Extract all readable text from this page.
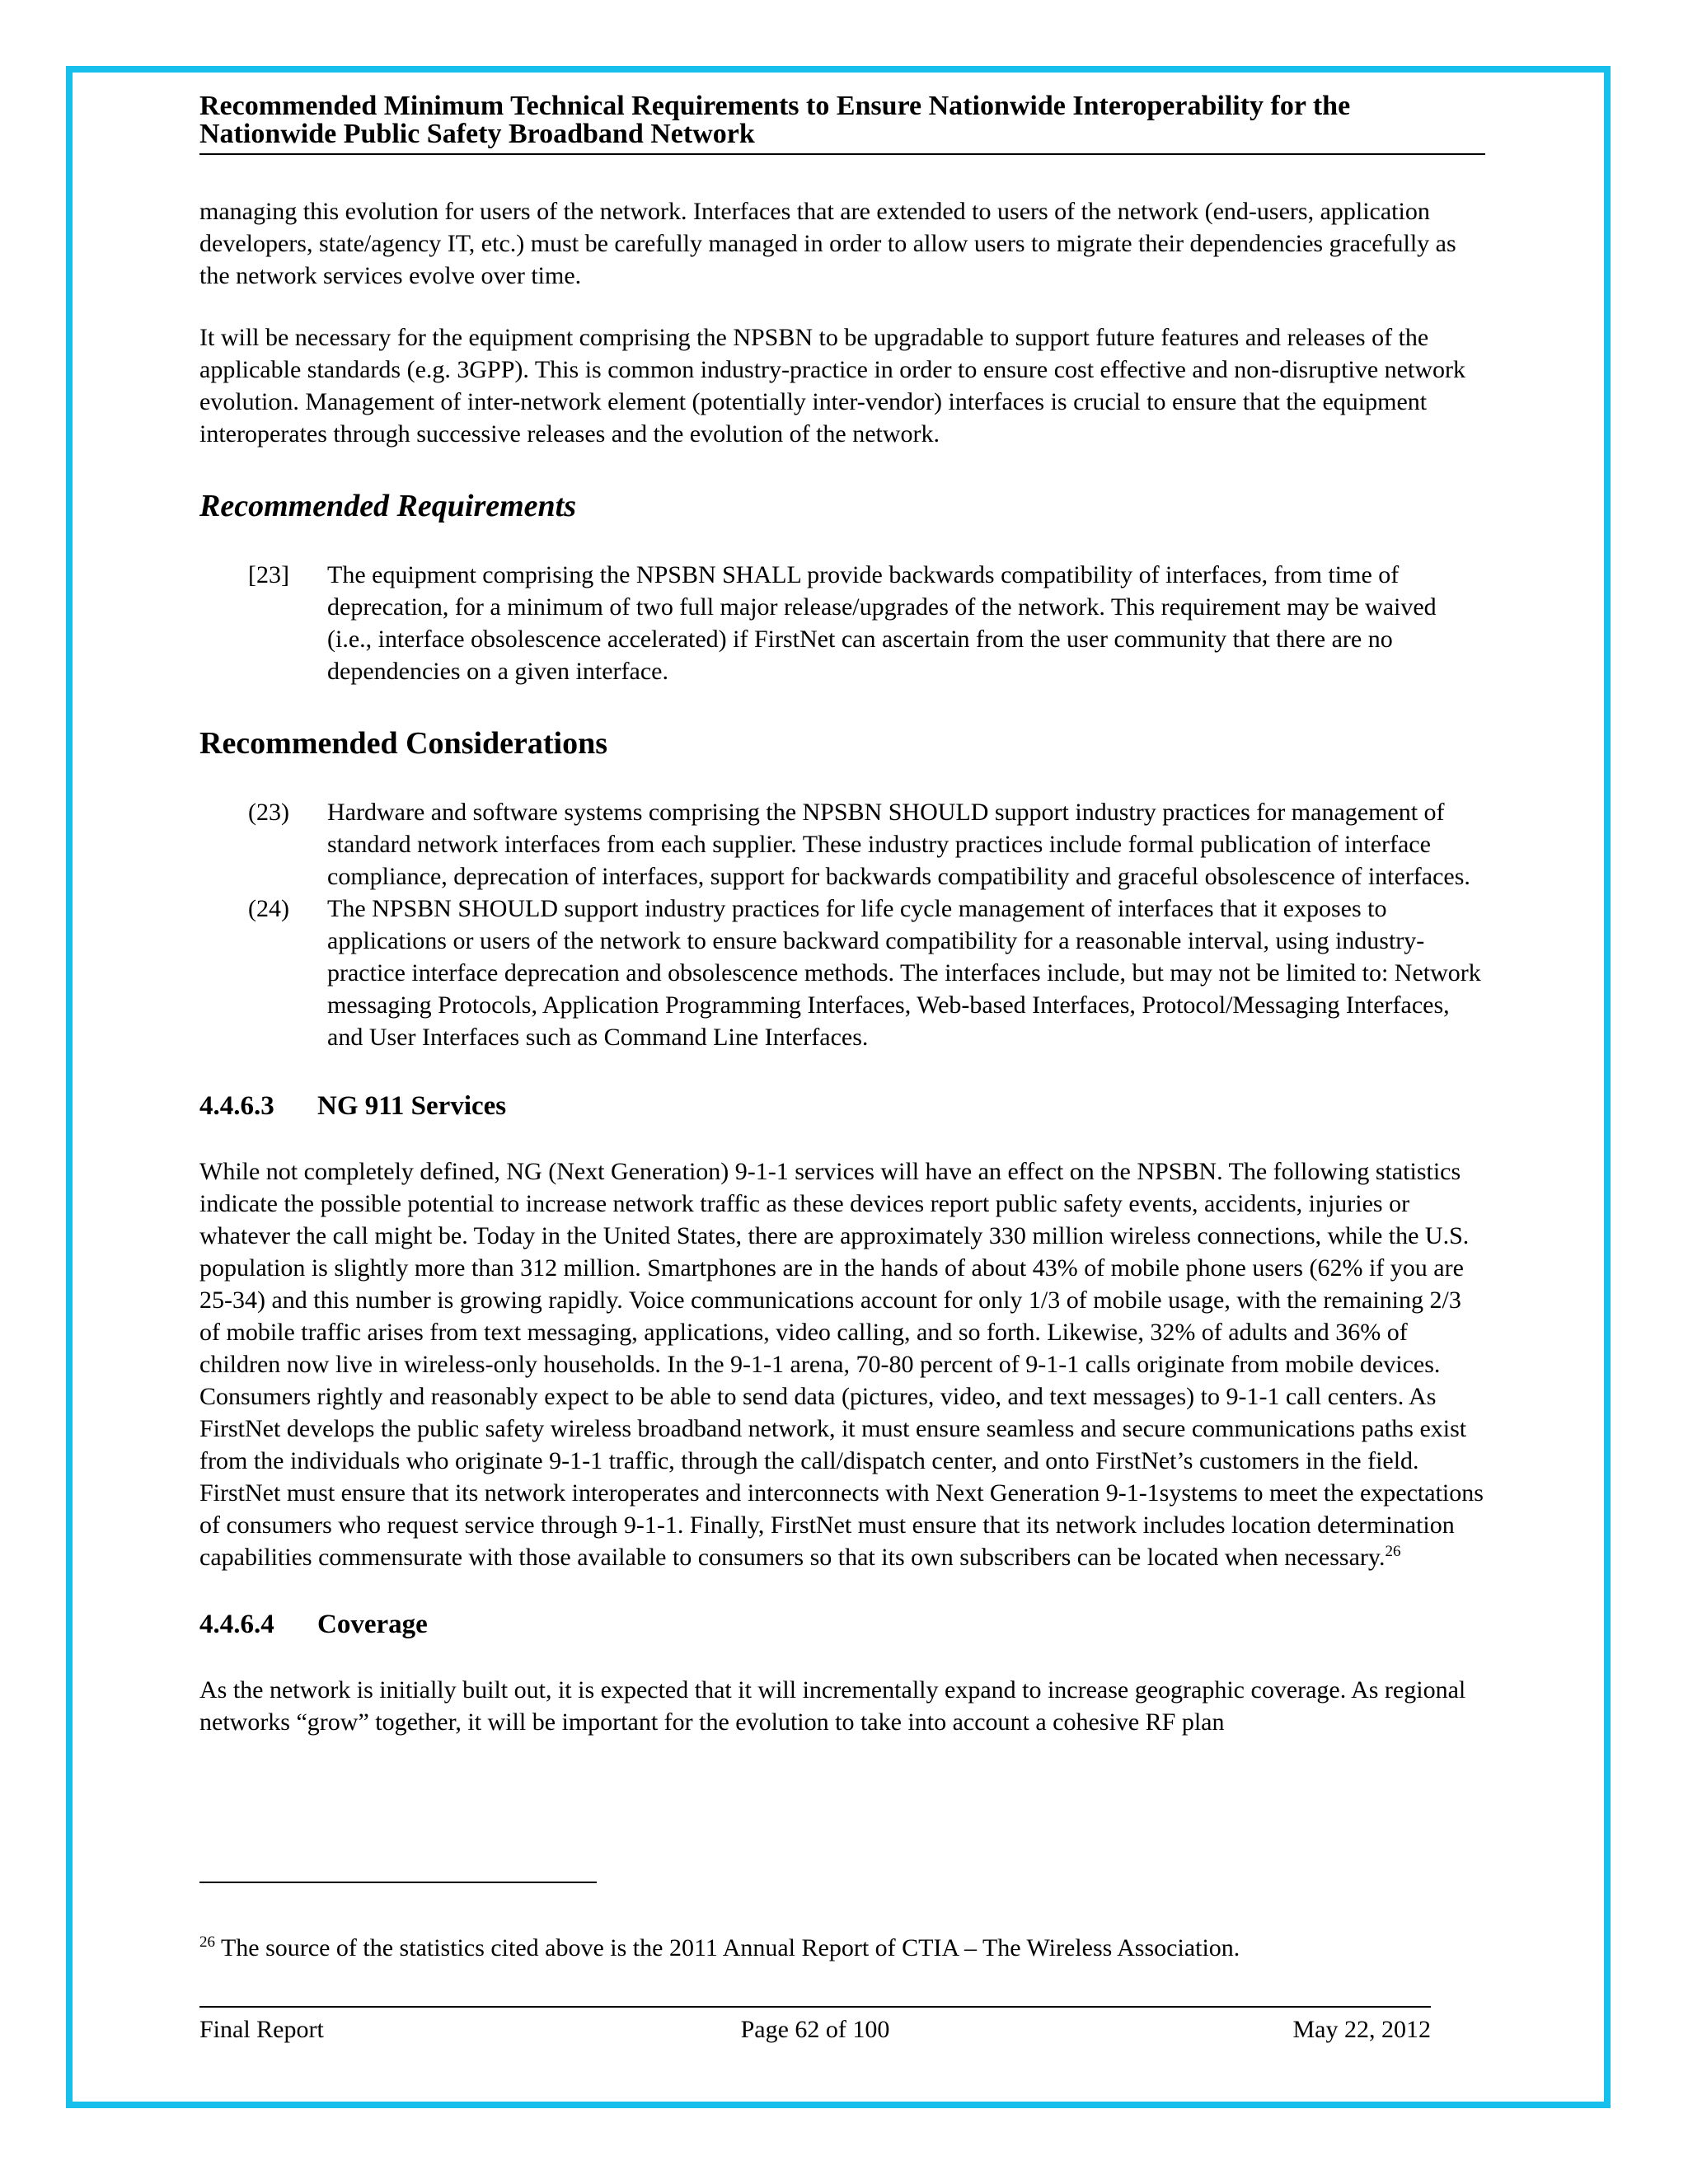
Recommended Minimum Technical Requirements to Ensure Nationwide Interoperability for the
Nationwide Public Safety Broadband Network

managing this evolution for users of the network. Interfaces that are extended to users of the network (end-users, application developers, state/agency IT, etc.) must be carefully managed in order to allow users to migrate their dependencies gracefully as the network services evolve over time.

It will be necessary for the equipment comprising the NPSBN to be upgradable to support future features and releases of the applicable standards (e.g. 3GPP). This is common industry-practice in order to ensure cost effective and non-disruptive network evolution. Management of inter-network element (potentially inter-vendor) interfaces is crucial to ensure that the equipment interoperates through successive releases and the evolution of the network.

Recommended Requirements
[23]	The equipment comprising the NPSBN SHALL provide backwards compatibility of interfaces, from time of deprecation, for a minimum of two full major release/upgrades of the network. This requirement may be waived (i.e., interface obsolescence accelerated) if FirstNet can ascertain from the user community that there are no dependencies on a given interface.
Recommended Considerations
(23)	Hardware and software systems comprising the NPSBN SHOULD support industry practices for management of standard network interfaces from each supplier. These industry practices include formal publication of interface compliance, deprecation of interfaces, support for backwards compatibility and graceful obsolescence of interfaces.
(24)	The NPSBN SHOULD support industry practices for life cycle management of interfaces that it exposes to applications or users of the network to ensure backward compatibility for a reasonable interval, using industry-practice interface deprecation and obsolescence methods. The interfaces include, but may not be limited to: Network messaging Protocols, Application Programming Interfaces, Web-based Interfaces, Protocol/Messaging Interfaces, and User Interfaces such as Command Line Interfaces.
4.4.6.3 NG 911 Services

While not completely defined, NG (Next Generation) 9-1-1 services will have an effect on the NPSBN. The following statistics indicate the possible potential to increase network traffic as these devices report public safety events, accidents, injuries or whatever the call might be. Today in the United States, there are approximately 330 million wireless connections, while the U.S. population is slightly more than 312 million. Smartphones are in the hands of about 43% of mobile phone users (62% if you are 25-34) and this number is growing rapidly. Voice communications account for only 1/3 of mobile usage, with the remaining 2/3 of mobile traffic arises from text messaging, applications, video calling, and so forth. Likewise, 32% of adults and 36% of children now live in wireless-only households. In the 9-1-1 arena, 70-80 percent of 9-1-1 calls originate from mobile devices. Consumers rightly and reasonably expect to be able to send data (pictures, video, and text messages) to 9-1-1 call centers. As FirstNet develops the public safety wireless broadband network, it must ensure seamless and secure communications paths exist from the individuals who originate 9-1-1 traffic, through the call/dispatch center, and onto FirstNet’s customers in the field. FirstNet must ensure that its network interoperates and interconnects with Next Generation 9-1-1systems to meet the expectations of consumers who request service through 9-1-1. Finally, FirstNet must ensure that its network includes location determination capabilities commensurate with those available to consumers so that its own subscribers can be located when necessary.$^{26}$

4.4.6.4 Coverage

As the network is initially built out, it is expected that it will incrementally expand to increase geographic coverage. As regional networks “grow” together, it will be important for the evolution to take into account a cohesive RF plan

$^{26}$ The source of the statistics cited above is the 2011 Annual Report of CTIA – The Wireless Association.
Page 62 of 100
Final Report	May 22, 2012
